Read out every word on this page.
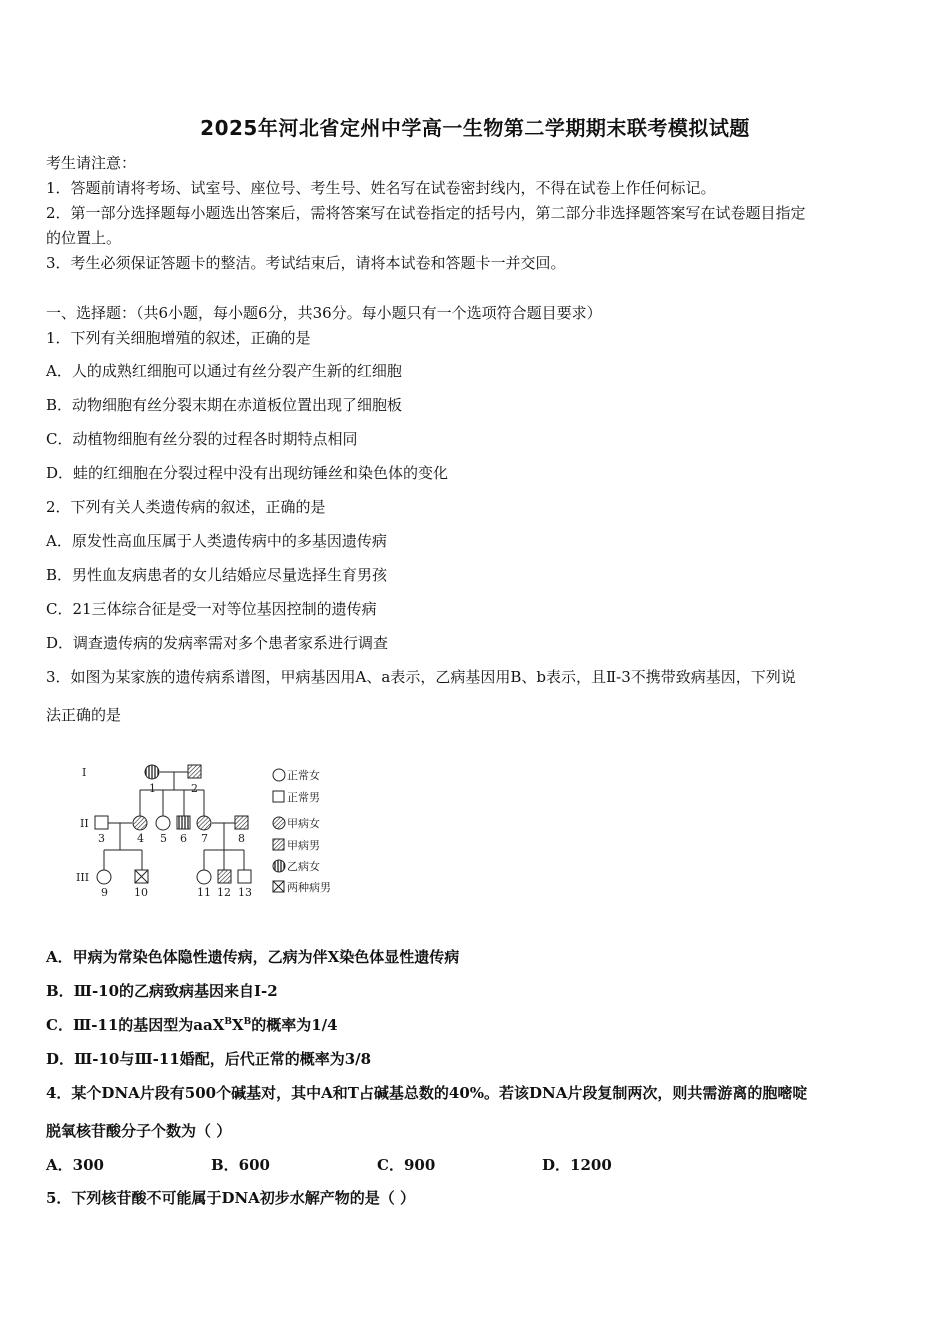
2025年河北省定州中学高一生物第二学期期末联考模拟试题
考生请注意：
1．答题前请将考场、试室号、座位号、考生号、姓名写在试卷密封线内，不得在试卷上作任何标记。
2．第一部分选择题每小题选出答案后，需将答案写在试卷指定的括号内，第二部分非选择题答案写在试卷题目指定
的位置上。
3．考生必须保证答题卡的整洁。考试结束后，请将本试卷和答题卡一并交回。
一、选择题：（共6小题，每小题6分，共36分。每小题只有一个选项符合题目要求）
1．下列有关细胞增殖的叙述，正确的是
A．人的成熟红细胞可以通过有丝分裂产生新的红细胞
B．动物细胞有丝分裂末期在赤道板位置出现了细胞板
C．动植物细胞有丝分裂的过程各时期特点相同
D．蛙的红细胞在分裂过程中没有出现纺锤丝和染色体的变化
2．下列有关人类遗传病的叙述，正确的是
A．原发性高血压属于人类遗传病中的多基因遗传病
B．男性血友病患者的女儿结婚应尽量选择生育男孩
C．21三体综合征是受一对等位基因控制的遗传病
D．调查遗传病的发病率需对多个患者家系进行调查
3．如图为某家族的遗传病系谱图，甲病基因用A、a表示，乙病基因用B、b表示，且Ⅱ-3不携带致病基因，下列说
法正确的是
I
II
III
1	2
3	4 5 6 7	8
9 10	11 12 13
正常女
正常男
甲病女
甲病男
乙病女
两种病男
A．甲病为常染色体隐性遗传病，乙病为伴X染色体显性遗传病
B．Ⅲ-10的乙病致病基因来自I-2
C．Ⅲ-11的基因型为$aaX^BX^B$的概率为1/4
D．Ⅲ-10与Ⅲ-11婚配，后代正常的概率为3/8
4．某个DNA片段有500个碱基对，其中A和T占碱基总数的40%。若该DNA片段复制两次，则共需游离的胞嘧啶
脱氧核苷酸分子个数为（ ）
A．300	B．600	C．900	D．1200
5．下列核苷酸不可能属于DNA初步水解产物的是（ ）
